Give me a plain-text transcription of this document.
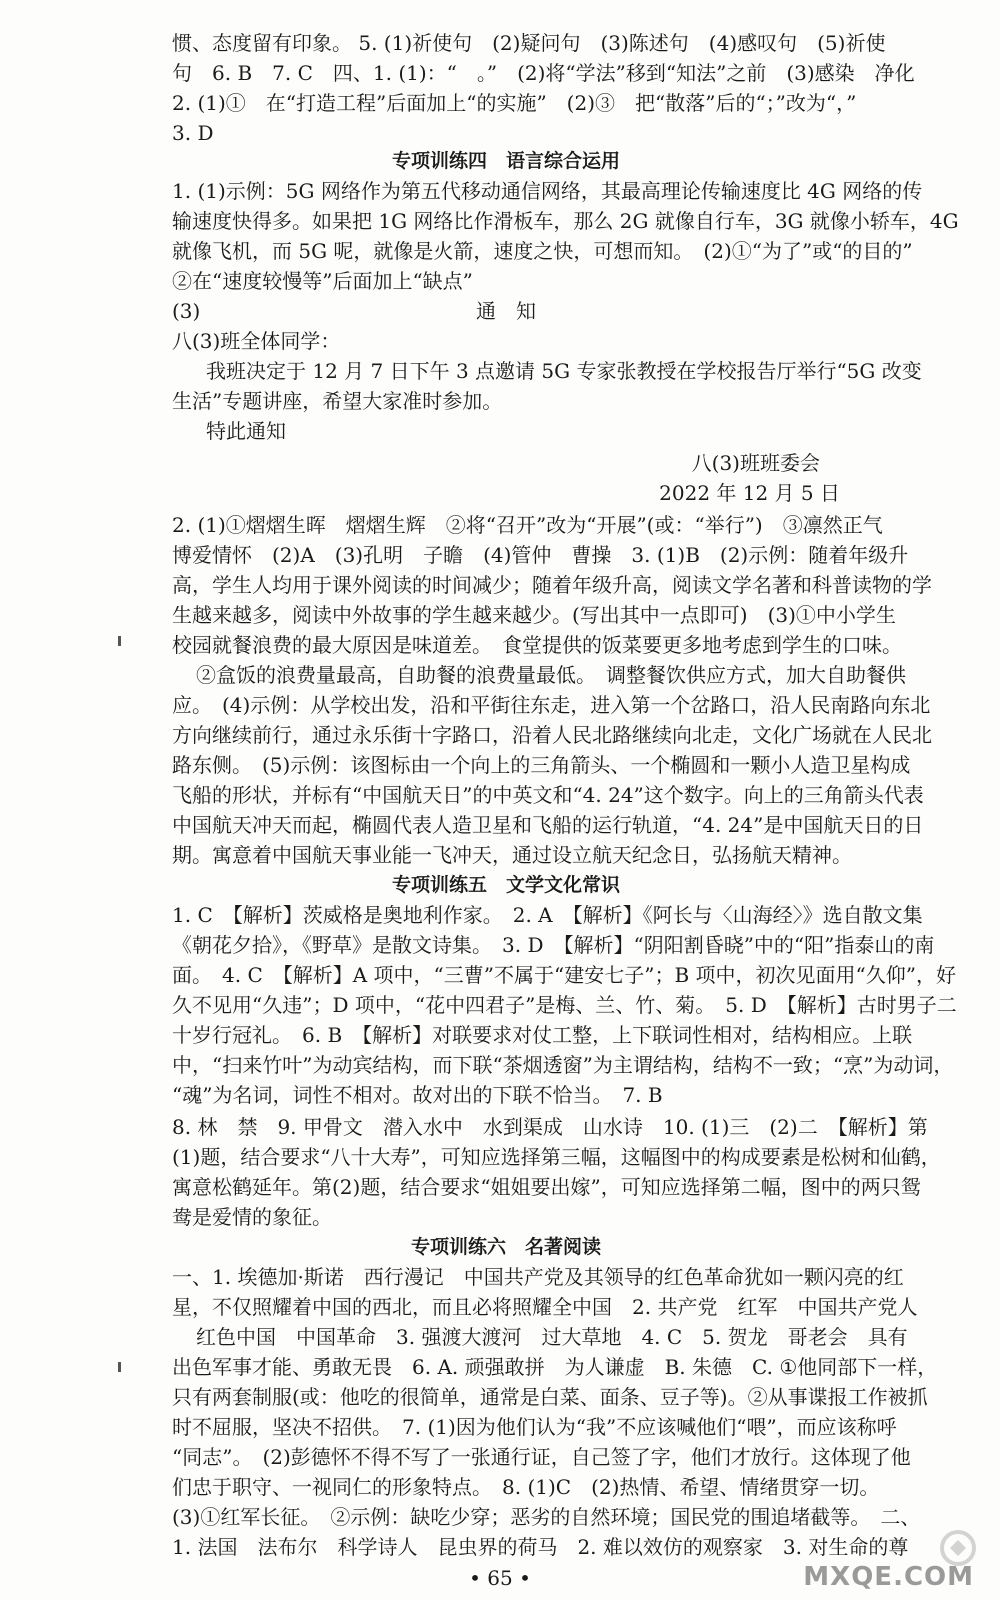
惯、态度留有印象。 5. (1)祈使句　(2)疑问句　(3)陈述句　(4)感叹句　(5)祈使
句　6. B　7. C　四、1. (1)：“　。”　(2)将“学法”移到“知法”之前　(3)感染　净化
2. (1)①　在“打造工程”后面加上“的实施”　(2)③　把“散落”后的“；”改为“，”
3. D
专项训练四　语言综合运用
1. (1)示例：5G 网络作为第五代移动通信网络，其最高理论传输速度比 4G 网络的传
输速度快得多。如果把 1G 网络比作滑板车，那么 2G 就像自行车，3G 就像小轿车，4G
就像飞机，而 5G 呢，就像是火箭，速度之快，可想而知。　(2)①“为了”或“的目的”
②在“速度较慢等”后面加上“缺点”
(3)	通　知
八(3)班全体同学：
我班决定于 12 月 7 日下午 3 点邀请 5G 专家张教授在学校报告厅举行“5G 改变
生活”专题讲座，希望大家准时参加。
特此通知
八(3)班班委会
2022 年 12 月 5 日
2. (1)①熠熠生晖　熠熠生辉　②将“召开”改为“开展”(或：“举行”)　③凛然正气
博爱情怀　(2)A　(3)孔明　子瞻　(4)管仲　曹操　3. (1)B　(2)示例：随着年级升
高，学生人均用于课外阅读的时间减少；随着年级升高，阅读文学名著和科普读物的学
生越来越多，阅读中外故事的学生越来越少。(写出其中一点即可)　(3)①中小学生
校园就餐浪费的最大原因是味道差。　食堂提供的饭菜要更多地考虑到学生的口味。
②盒饭的浪费量最高，自助餐的浪费量最低。　调整餐饮供应方式，加大自助餐供
应。　(4)示例：从学校出发，沿和平街往东走，进入第一个岔路口，沿人民南路向东北
方向继续前行，通过永乐街十字路口，沿着人民北路继续向北走，文化广场就在人民北
路东侧。　(5)示例：该图标由一个向上的三角箭头、一个椭圆和一颗小人造卫星构成
飞船的形状，并标有“中国航天日”的中英文和“4. 24”这个数字。向上的三角箭头代表
中国航天冲天而起，椭圆代表人造卫星和飞船的运行轨道，“4. 24”是中国航天日的日
期。寓意着中国航天事业能一飞冲天，通过设立航天纪念日，弘扬航天精神。
专项训练五　文学文化常识
1. C　【解析】茨威格是奥地利作家。　2. A　【解析】《阿长与〈山海经〉》选自散文集
《朝花夕拾》，《野草》是散文诗集。　3. D　【解析】“阴阳割昏晓”中的“阳”指泰山的南
面。　4. C　【解析】A 项中，“三曹”不属于“建安七子”；B 项中，初次见面用“久仰”，好
久不见用“久违”；D 项中，“花中四君子”是梅、兰、竹、菊。　5. D　【解析】古时男子二
十岁行冠礼。　6. B　【解析】对联要求对仗工整，上下联词性相对，结构相应。上联
中，“扫来竹叶”为动宾结构，而下联“茶烟透窗”为主谓结构，结构不一致；“烹”为动词，
“魂”为名词，词性不相对。故对出的下联不恰当。　7. B
8. 林　禁　9. 甲骨文　潜入水中　水到渠成　山水诗　10. (1)三　(2)二　【解析】第
(1)题，结合要求“八十大寿”，可知应选择第三幅，这幅图中的构成要素是松树和仙鹤，
寓意松鹤延年。第(2)题，结合要求“姐姐要出嫁”，可知应选择第二幅，图中的两只鸳
鸯是爱情的象征。
专项训练六　名著阅读
一、1. 埃德加·斯诺　西行漫记　中国共产党及其领导的红色革命犹如一颗闪亮的红
星，不仅照耀着中国的西北，而且必将照耀全中国　2. 共产党　红军　中国共产党人
红色中国　中国革命　3. 强渡大渡河　过大草地　4. C　5. 贺龙　哥老会　具有
出色军事才能、勇敢无畏　6. A. 顽强敢拼　为人谦虚　B. 朱德　C. ①他同部下一样，
只有两套制服(或：他吃的很简单，通常是白菜、面条、豆子等)。②从事谍报工作被抓
时不屈服，坚决不招供。　7. (1)因为他们认为“我”不应该喊他们“喂”，而应该称呼
“同志”。　(2)彭德怀不得不写了一张通行证，自己签了字，他们才放行。这体现了他
们忠于职守、一视同仁的形象特点。　8. (1)C　(2)热情、希望、情绪贯穿一切。
(3)①红军长征。　②示例：缺吃少穿；恶劣的自然环境；国民党的围追堵截等。　二、
1. 法国　法布尔　科学诗人　昆虫界的荷马　2. 难以效仿的观察家　3. 对生命的尊
• 65 •	MXQE.COM
